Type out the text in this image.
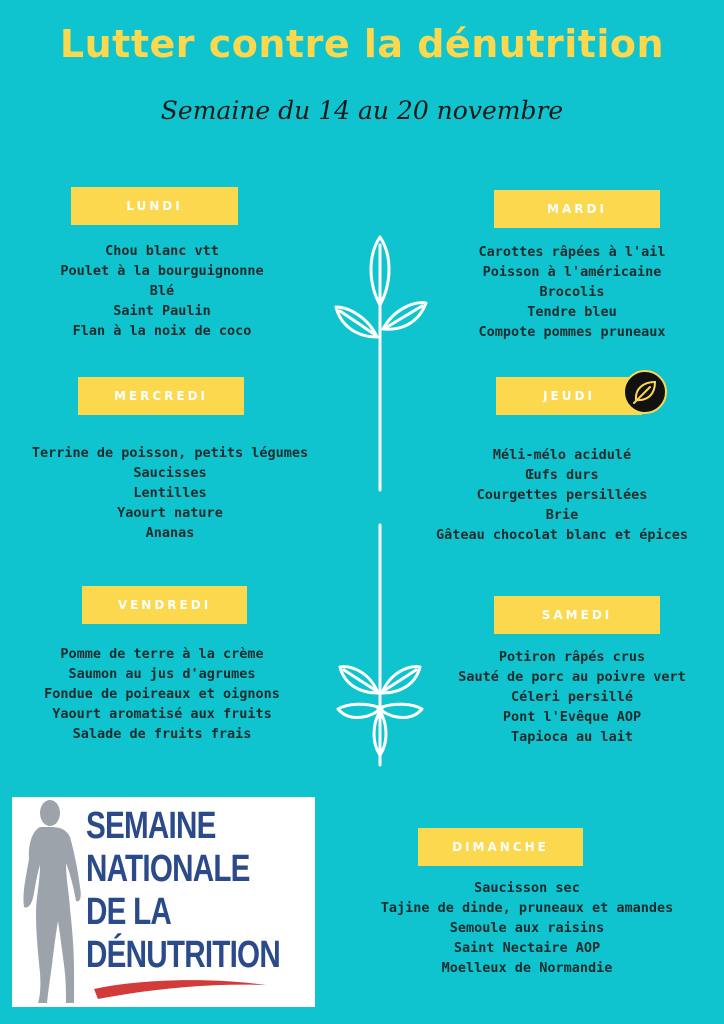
Lutter contre la dénutrition
Semaine du 14 au 20 novembre
LUNDI
Chou blanc vtt
Poulet à la bourguignonne
Blé
Saint Paulin
Flan à la noix de coco
MARDI
Carottes râpées à l'ail
Poisson à l'américaine
Brocolis
Tendre bleu
Compote pommes pruneaux
MERCREDI
Terrine de poisson, petits légumes
Saucisses
Lentilles
Yaourt nature
Ananas
JEUDI
Méli-mélo acidulé
Œufs durs
Courgettes persillées
Brie
Gâteau chocolat blanc et épices
VENDREDI
Pomme de terre à la crème
Saumon au jus d'agrumes
Fondue de poireaux et oignons
Yaourt aromatisé aux fruits
Salade de fruits frais
SAMEDI
Potiron râpés crus
Sauté de porc au poivre vert
Céleri persillé
Pont l'Evêque AOP
Tapioca au lait
DIMANCHE
Saucisson sec
Tajine de dinde, pruneaux et amandes
Semoule aux raisins
Saint Nectaire AOP
Moelleux de Normandie
SEMAINE
NATIONALE
DE LA
DÉNUTRITION
